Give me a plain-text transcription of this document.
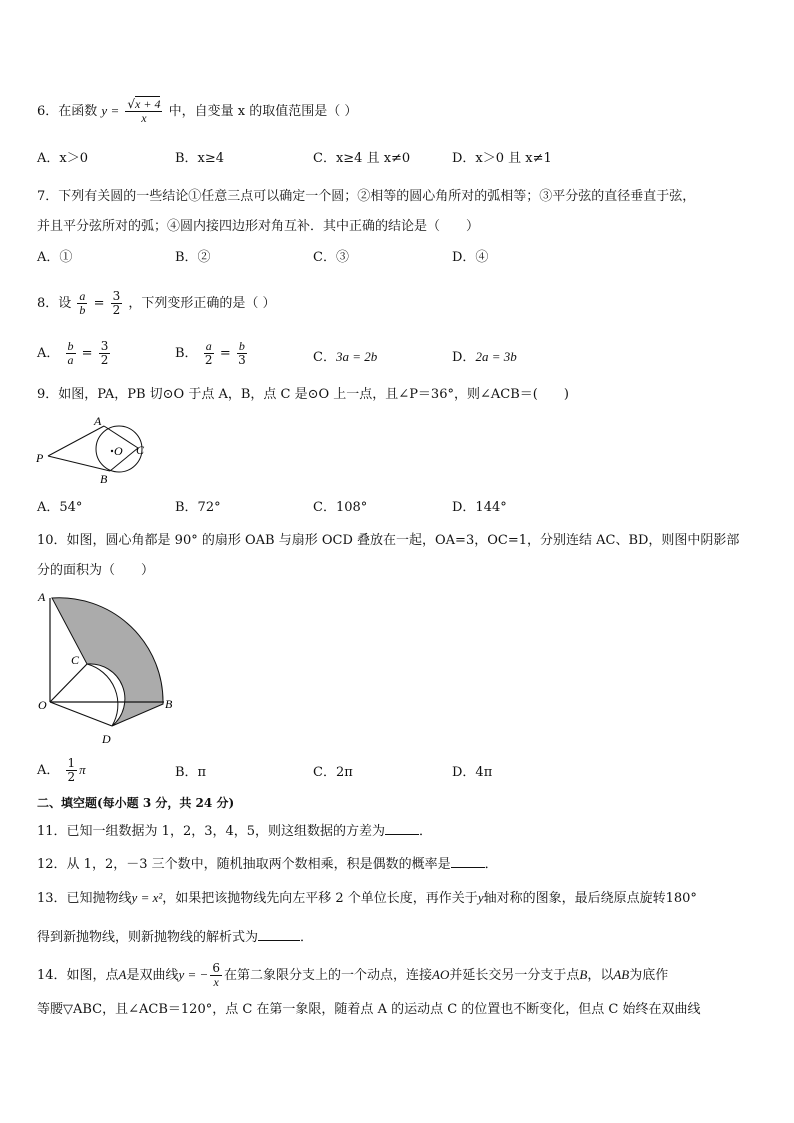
6．在函数 $y = \frac{√x + 4}{x}$ 中，自变量 x 的取值范围是（ ）
A．x＞0	B．x≥4	C．x≥4 且 x≠0	D．x＞0 且 x≠1
7．下列有关圆的一些结论①任意三点可以确定一个圆；②相等的圆心角所对的弧相等；③平分弦的直径垂直于弦，
并且平分弦所对的弧；④圆内接四边形对角互补．其中正确的结论是（　　）
A．①	B．②	C．③	D．④
8．设 $\frac{a}{b} = \frac{3}{2}$ ，下列变形正确的是（ ）
A． $\frac{b}{a} = \frac{3}{2}$	B． $\frac{a}{2} = \frac{b}{3}$	C．3a = 2b	D．2a = 3b
9．如图，PA，PB 切⊙O 于点 A，B，点 C 是⊙O 上一点，且∠P＝36°，则∠ACB＝(　　)
A
B
C
O
P
A．54°	B．72°	C．108°	D．144°
10．如图，圆心角都是 90° 的扇形 OAB 与扇形 OCD 叠放在一起，OA=3，OC=1，分别连结 AC、BD，则图中阴影部
分的面积为（　　）
A
B
C
D
O
A． $\frac{1}{2}$ π	B．π	C．2π	D．4π
二、填空题(每小题 3 分，共 24 分)
11．已知一组数据为 1，2，3，4，5，则这组数据的方差为	．
12．从 1，2，－3 三个数中，随机抽取两个数相乘，积是偶数的概率是	．
13．已知抛物线y = x²，如果把该抛物线先向左平移 2 个单位长度，再作关于y轴对称的图象，最后绕原点旋转180°
得到新抛物线，则新抛物线的解析式为	．
14．如图，点A是双曲线y = − $\frac{6}{x}$ 在第二象限分支上的一个动点，连接AO并延长交另一分支于点B，以AB为底作
等腰▽ABC，且∠ACB＝120°，点 C 在第一象限，随着点 A 的运动点 C 的位置也不断变化，但点 C 始终在双曲线
